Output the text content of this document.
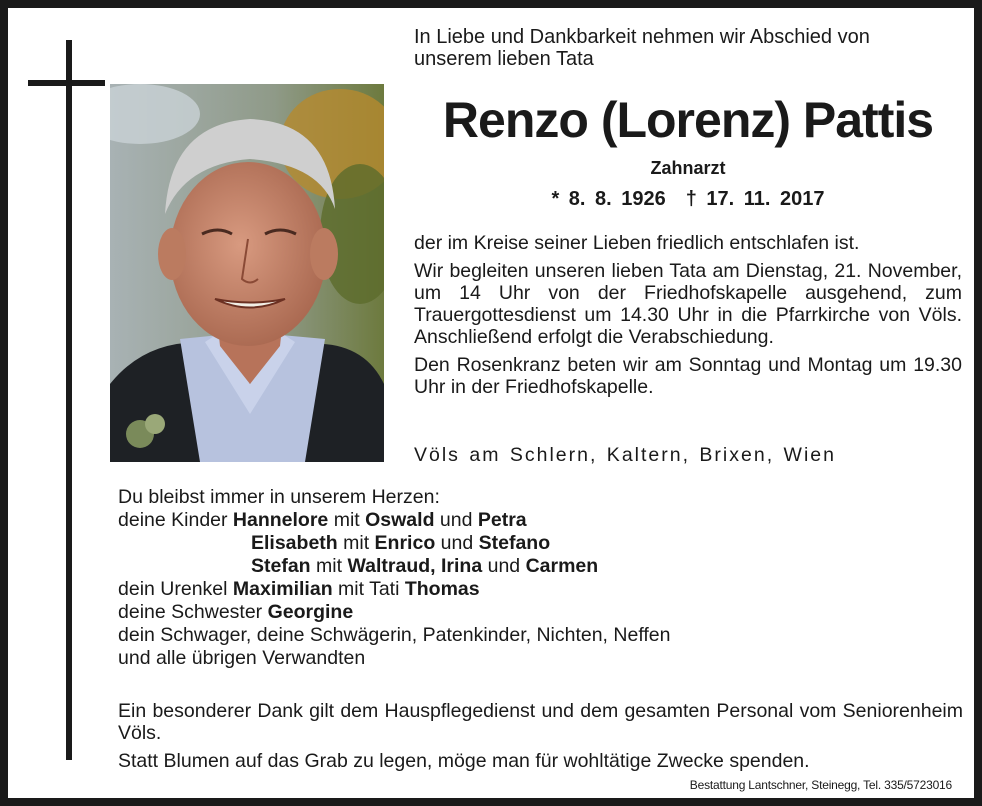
In Liebe und Dankbarkeit nehmen wir Abschied von
unserem lieben Tata
Renzo (Lorenz) Pattis
Zahnarzt
* 8. 8. 1926 † 17. 11. 2017

der im Kreise seiner Lieben friedlich entschlafen ist.

Wir begleiten unseren lieben Tata am Dienstag, 21. November, um 14 Uhr von der Friedhofskapelle ausgehend, zum Trauergottesdienst um 14.30 Uhr in die Pfarrkirche von Völs. Anschließend erfolgt die Verabschiedung.

Den Rosenkranz beten wir am Sonntag und Montag um 19.30 Uhr in der Friedhofskapelle.

Völs am Schlern, Kaltern, Brixen, Wien
Du bleibst immer in unserem Herzen:
deine Kinder Hannelore mit Oswald und Petra
Elisabeth mit Enrico und Stefano
Stefan mit Waltraud, Irina und Carmen
dein Urenkel Maximilian mit Tati Thomas
deine Schwester Georgine
dein Schwager, deine Schwägerin, Patenkinder, Nichten, Neffen
und alle übrigen Verwandten

Ein besonderer Dank gilt dem Hauspflegedienst und dem gesamten Personal vom Seniorenheim Völs.

Statt Blumen auf das Grab zu legen, möge man für wohltätige Zwecke spenden.

Bestattung Lantschner, Steinegg, Tel. 335/5723016
